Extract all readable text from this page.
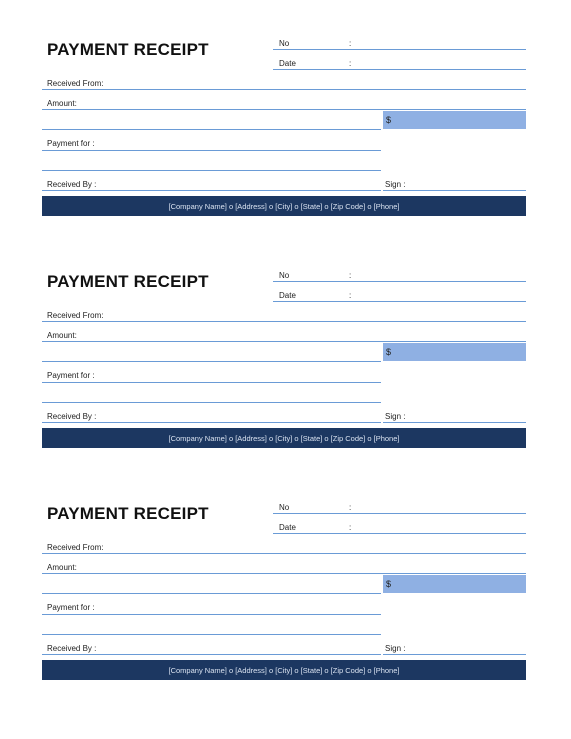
PAYMENT RECEIPT	No	:
Date	:
Received From:
Amount:
$
Payment for :
Received By :	Sign :
[Company Name] o [Address] o [City] o [State] o [Zip Code] o [Phone]
PAYMENT RECEIPT	No	:
Date	:
Received From:
Amount:
$
Payment for :
Received By :	Sign :
[Company Name] o [Address] o [City] o [State] o [Zip Code] o [Phone]
PAYMENT RECEIPT	No	:
Date	:
Received From:
Amount:
$
Payment for :
Received By :	Sign :
[Company Name] o [Address] o [City] o [State] o [Zip Code] o [Phone]
